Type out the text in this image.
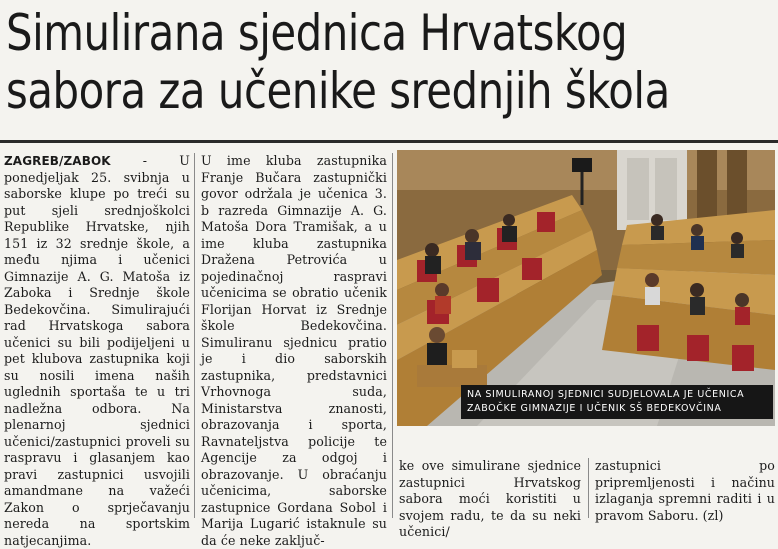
Simulirana sjednica Hrvatskog
sabora za učenike srednjih škola

ZAGREB/ZABOK - U ponedjeljak 25. svibnja u saborske klupe po treći su put sjeli srednjoškolci Republike Hrvatske, njih 151 iz 32 srednje škole, a među njima i učenici Gimnazije A. G. Matoša iz Zaboka i Srednje škole Bedekovčina. Simulirajući rad Hrvatskoga sabora učenici su bili podijeljeni u pet klubova zastupnika koji su nosili imena naših uglednih sportaša te u tri nadležna odbora. Na plenarnoj sjednici učenici/zastupnici proveli su raspravu i glasanjem kao pravi zastupnici usvojili amandmane na važeći Zakon o sprječavanju nereda na sportskim natjecanjima.

U ime kluba zastupnika Franje Bučara zastupnički govor održala je učenica 3. b razreda Gimnazije A. G. Matoša Dora Tramišak, a u ime kluba zastupnika Dražena Petrovića u pojedinačnoj raspravi učenicima se obratio učenik Florijan Horvat iz Srednje škole Bedekovčina. Simuliranu sjednicu pratio je i dio saborskih zastupnika, predstavnici Vrhovnoga suda, Ministarstva znanosti, obrazovanja i sporta, Ravnateljstva policije te Agencije za odgoj i obrazovanje. U obraćanju učenicima, saborske zastupnice Gordana Sobol i Marija Lugarić istaknule su da će neke zaključ-

NA SIMULIRANOJ SJEDNICI SUDJELOVALA JE UČENICA
ZABOČKE GIMNAZIJE I UČENIK SŠ BEDEKOVČINA

ke ove simulirane sjednice zastupnici Hrvatskog sabora moći koristiti u svojem radu, te da su neki učenici/

zastupnici po pripremljenosti i načinu izlaganja spremni raditi i u pravom Saboru. (zl)
